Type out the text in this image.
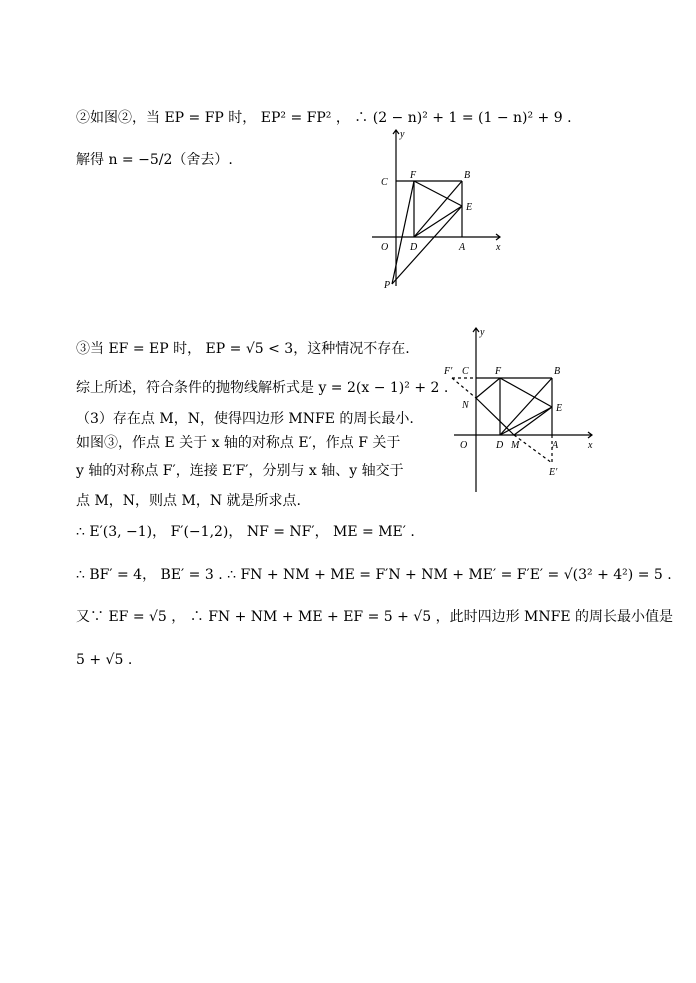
②如图②，当 EP = FP 时， EP² = FP² ， ∴ (2 − n)² + 1 = (1 − n)² + 9 .
解得 n = −5/2（舍去）.
y
x
C
F	B
E
O D	A
P
③当 EF = EP 时， EP = √5 < 3，这种情况不存在.
综上所述，符合条件的抛物线解析式是 y = 2(x − 1)² + 2 .
（3）存在点 M，N，使得四边形 MNFE 的周长最小.
如图③，作点 E 关于 x 轴的对称点 E′，作点 F 关于
y 轴的对称点 F′，连接 E′F′，分别与 x 轴、y 轴交于
点 M，N，则点 M，N 就是所求点.
∴ E′(3, −1)， F′(−1,2)， NF = NF′， ME = ME′ .
∴ BF′ = 4， BE′ = 3 . ∴ FN + NM + ME = F′N + NM + ME′ = F′E′ = √(3² + 4²) = 5 .
又∵ EF = √5 ， ∴ FN + NM + ME + EF = 5 + √5 ，此时四边形 MNFE 的周长最小值是
5 + √5 .
y
x
F′ C	F	B
E
N
O	D M	A
E′
